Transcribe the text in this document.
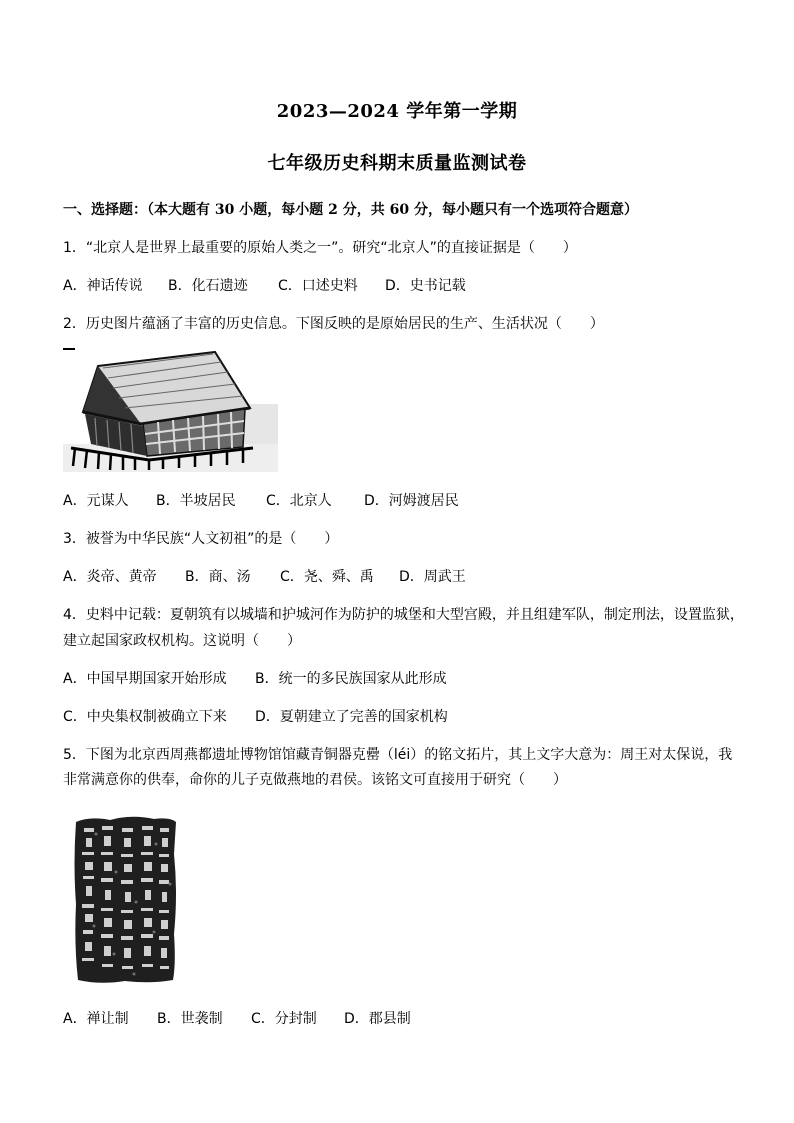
2023—2024 学年第一学期
七年级历史科期末质量监测试卷
一、选择题：（本大题有 30 小题，每小题 2 分，共 60 分，每小题只有一个选项符合题意）
1．“北京人是世界上最重要的原始人类之一”。研究“北京人”的直接证据是（　　）
A．神话传说 B．化石遗迹 C．口述史料 D．史书记载
2．历史图片蕴涵了丰富的历史信息。下图反映的是原始居民的生产、生活状况（　　）
A．元谋人 B．半坡居民 C．北京人 D．河姆渡居民
3．被誉为中华民族“人文初祖”的是（　　）
A．炎帝、黄帝 B．商、汤 C．尧、舜、禹 D．周武王
4．史料中记载：夏朝筑有以城墙和护城河作为防护的城堡和大型宫殿，并且组建军队，制定刑法，设置监狱，
建立起国家政权机构。这说明（　　）
A．中国早期国家开始形成 B．统一的多民族国家从此形成
C．中央集权制被确立下来 D．夏朝建立了完善的国家机构
5．下图为北京西周燕都遗址博物馆馆藏青铜器克罍（léi）的铭文拓片，其上文字大意为：周王对太保说，我
非常满意你的供奉，命你的儿子克做燕地的君侯。该铭文可直接用于研究（　　）
A．禅让制 B．世袭制 C．分封制 D．郡县制
